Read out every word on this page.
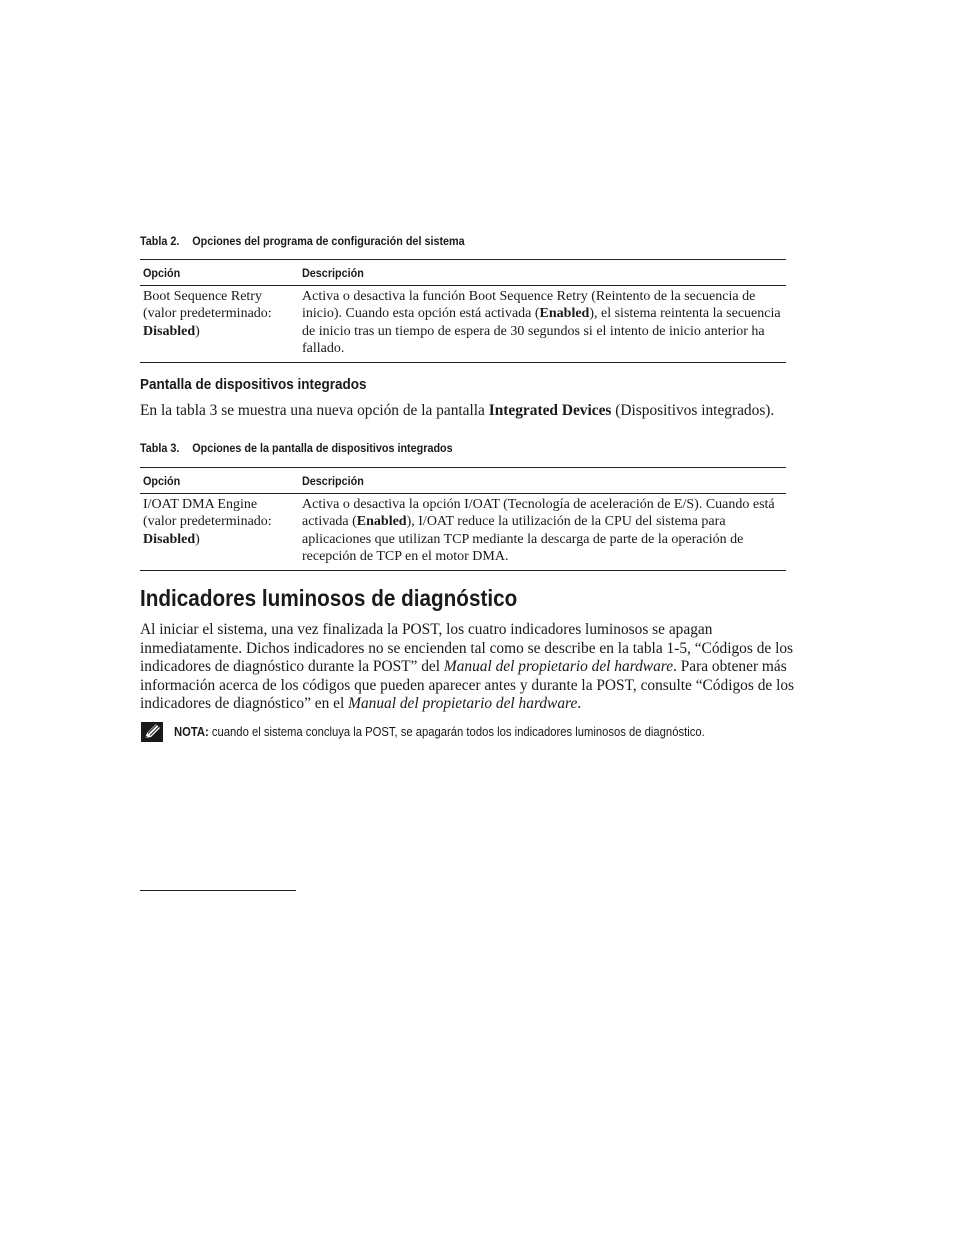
Tabla 2. Opciones del programa de configuración del sistema
Opción	Descripción
Boot Sequence Retry
(valor predeterminado:
Disabled)
Activa o desactiva la función Boot Sequence Retry (Reintento de la secuencia de inicio). Cuando esta opción está activada (Enabled), el sistema reintenta la secuencia de inicio tras un tiempo de espera de 30 segundos si el intento de inicio anterior ha fallado.
Pantalla de dispositivos integrados
En la tabla 3 se muestra una nueva opción de la pantalla Integrated Devices (Dispositivos integrados).
Tabla 3. Opciones de la pantalla de dispositivos integrados
Opción	Descripción
I/OAT DMA Engine
(valor predeterminado:
Disabled)
Activa o desactiva la opción I/OAT (Tecnología de aceleración de E/S). Cuando está activada (Enabled), I/OAT reduce la utilización de la CPU del sistema para aplicaciones que utilizan TCP mediante la descarga de parte de la operación de recepción de TCP en el motor DMA.
Indicadores luminosos de diagnóstico
Al iniciar el sistema, una vez finalizada la POST, los cuatro indicadores luminosos se apagan inmediatamente. Dichos indicadores no se encienden tal como se describe en la tabla 1-5, “Códigos de los indicadores de diagnóstico durante la POST” del Manual del propietario del hardware. Para obtener más información acerca de los códigos que pueden aparecer antes y durante la POST, consulte “Códigos de los indicadores de diagnóstico” en el Manual del propietario del hardware.
NOTA: cuando el sistema concluya la POST, se apagarán todos los indicadores luminosos de diagnóstico.
